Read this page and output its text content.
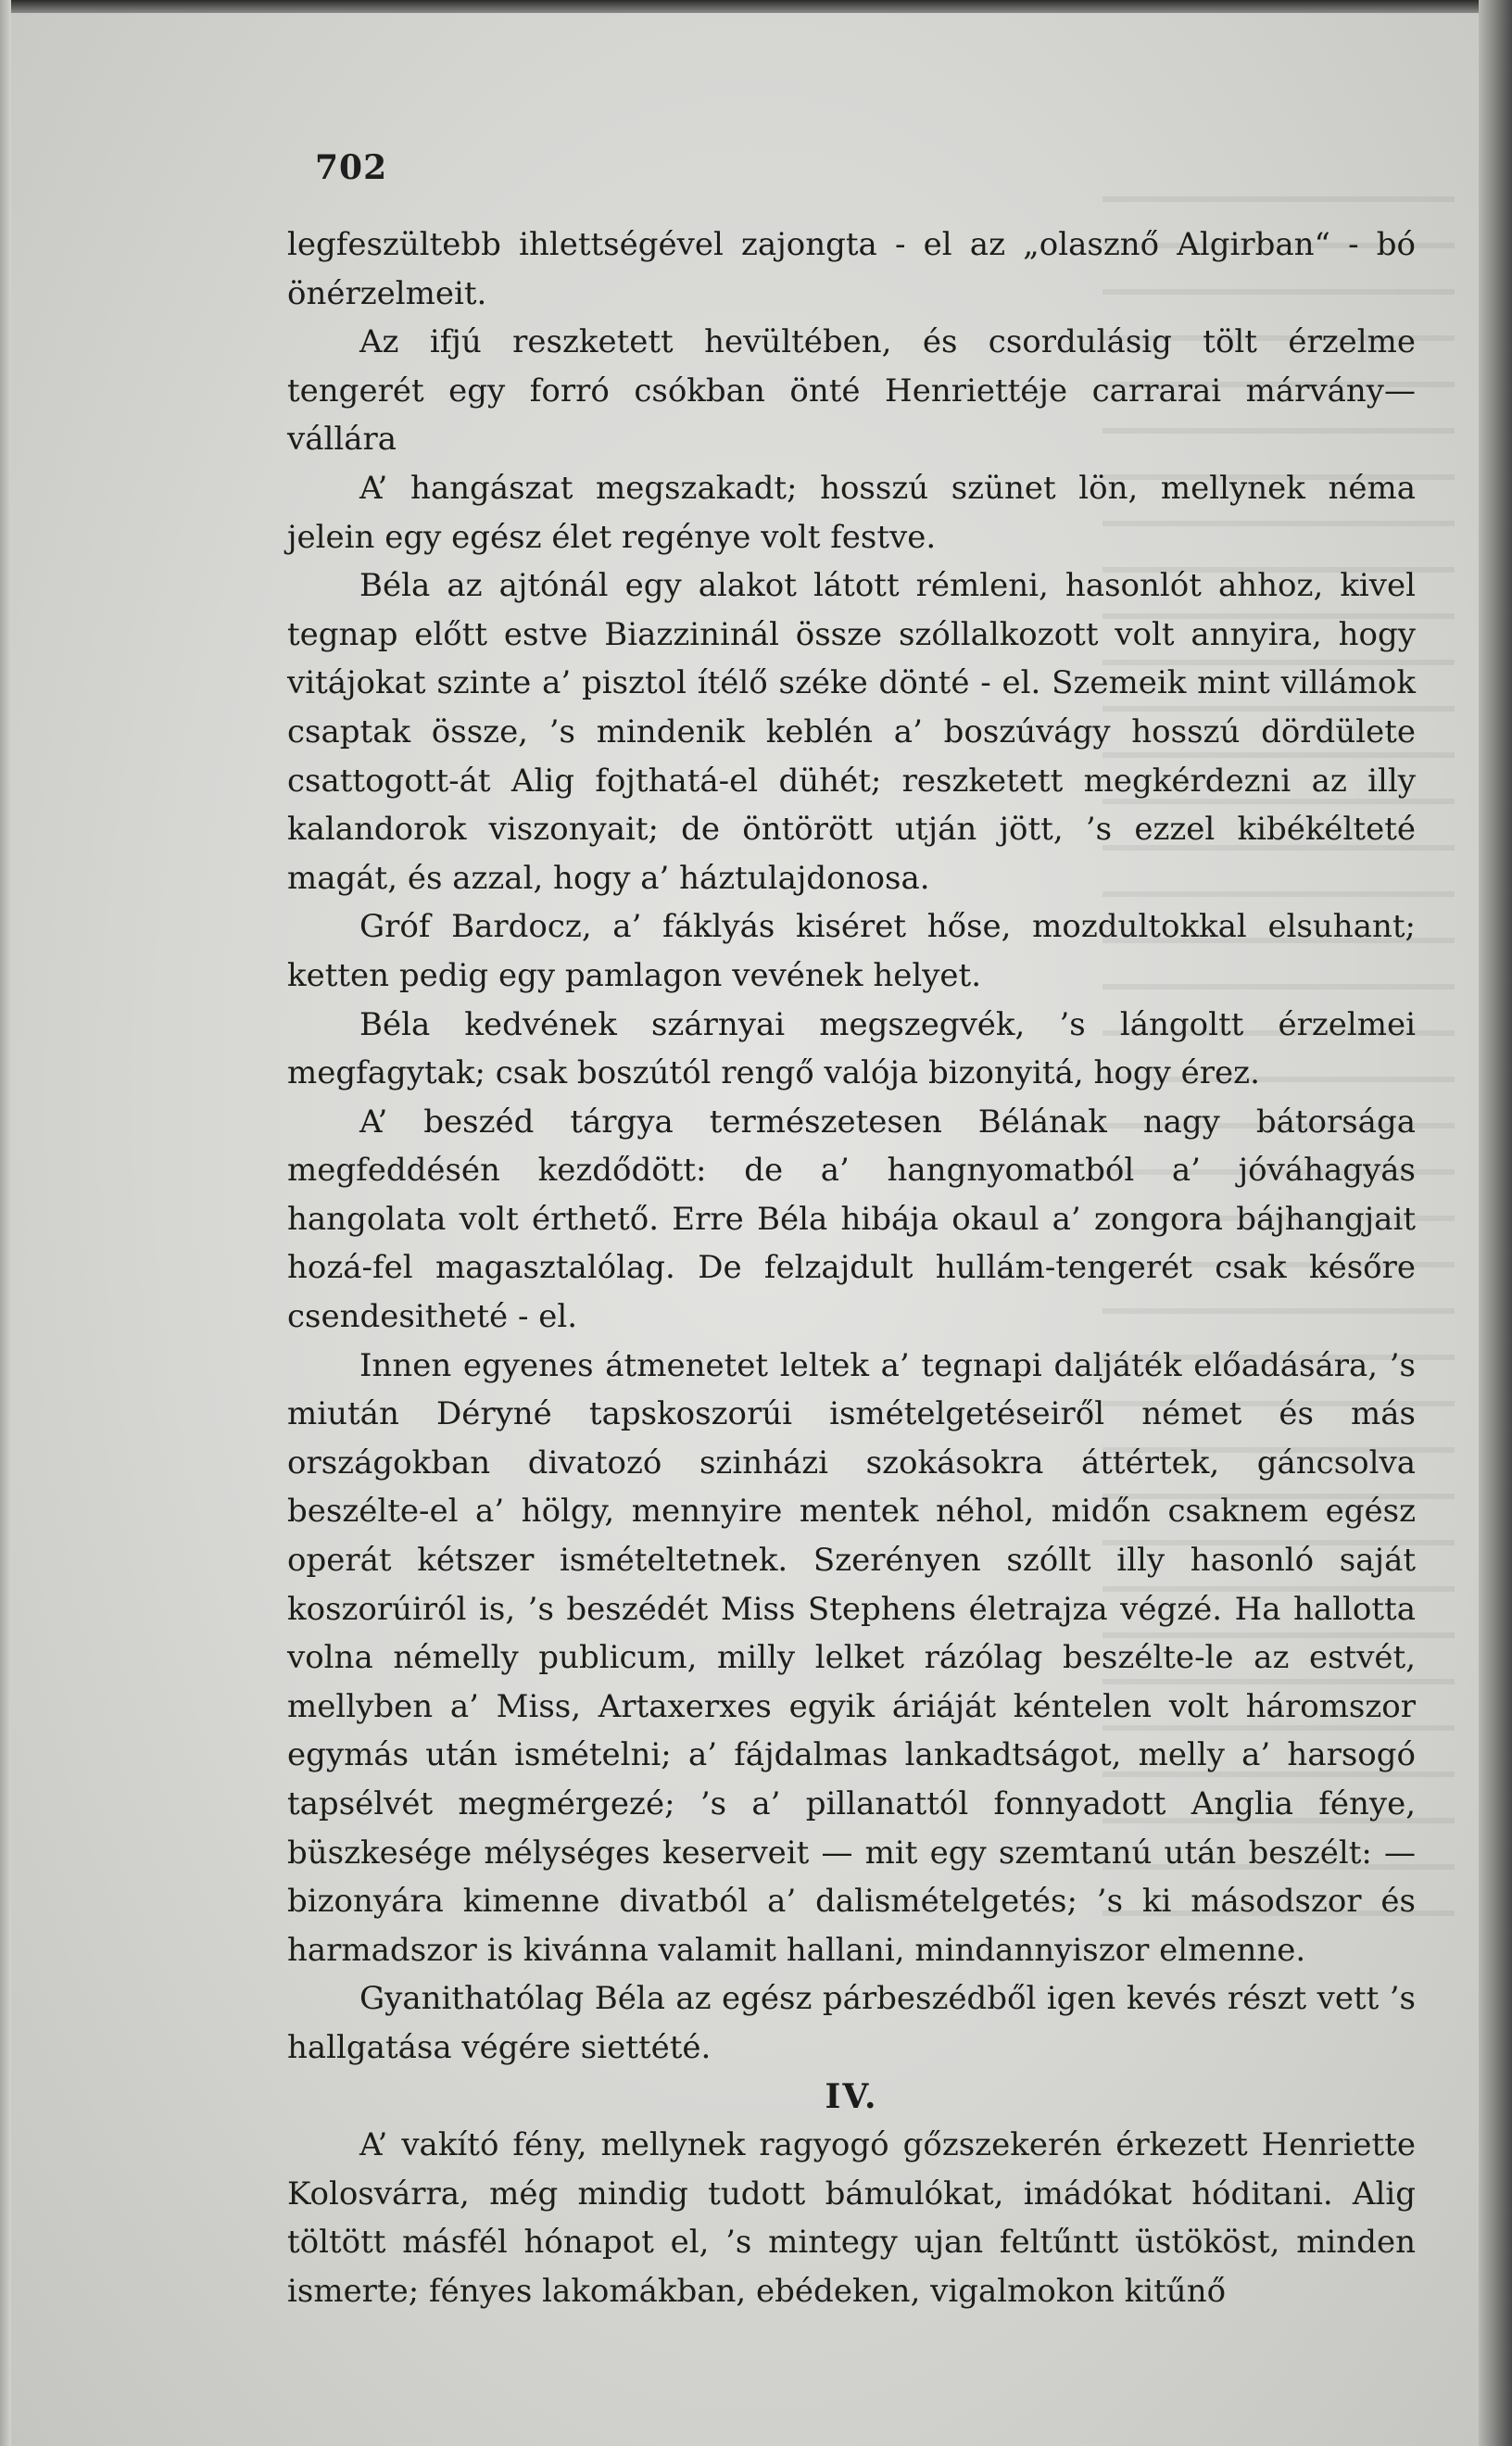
702

legfeszültebb ihlettségével zajongta - el az „olasznő Algirban“ - bó önérzelmeit.

Az ifjú reszketett hevültében, és csordulásig tölt érzelme tengerét egy forró csókban önté Henriettéje carrarai márvány—vállára

A’ hangászat megszakadt; hosszú szünet lön, mellynek néma jelein egy egész élet regénye volt festve.

Béla az ajtónál egy alakot látott rémleni, hasonlót ahhoz, kivel tegnap előtt estve Biazzininál össze szóllalkozott volt annyira, hogy vitájokat szinte a’ pisztol ítélő széke dönté - el. Szemeik mint villámok csaptak össze, ’s mindenik keblén a’ boszúvágy hosszú dördülete csattogott-át Alig fojthatá-el dühét; reszketett megkérdezni az illy kalandorok viszonyait; de öntörött utján jött, ’s ezzel kibékélteté magát, és azzal, hogy a’ háztulajdonosa.

Gróf Bardocz, a’ fáklyás kiséret hőse, mozdultokkal elsuhant; ketten pedig egy pamlagon vevének helyet.

Béla kedvének szárnyai megszegvék, ’s lángoltt érzelmei megfagytak; csak boszútól rengő valója bizonyitá, hogy érez.

A’ beszéd tárgya természetesen Bélának nagy bátorsága megfeddésén kezdődött: de a’ hangnyomatból a’ jóváhagyás hangolata volt érthető. Erre Béla hibája okaul a’ zongora bájhangjait hozá-fel magasztalólag. De felzajdult hullám-tengerét csak későre csendesitheté - el.

Innen egyenes átmenetet leltek a’ tegnapi daljáték előadására, ’s miután Déryné tapskoszorúi ismételgetéseiről német és más országokban divatozó szinházi szokásokra áttértek, gáncsolva beszélte-el a’ hölgy, mennyire mentek néhol, midőn csaknem egész operát kétszer ismételtetnek. Szerényen szóllt illy hasonló saját koszorúiról is, ’s beszédét Miss Stephens életrajza végzé. Ha hallotta volna némelly publicum, milly lelket rázólag beszélte-le az estvét, mellyben a’ Miss, Artaxerxes egyik áriáját kéntelen volt háromszor egymás után ismételni; a’ fájdalmas lankadtságot, melly a’ harsogó tapsélvét megmérgezé; ’s a’ pillanattól fonnyadott Anglia fénye, büszkesége mélységes keserveit — mit egy szemtanú után beszélt: — bizonyára kimenne divatból a’ dalismételgetés; ’s ki másodszor és harmadszor is kivánna valamit hallani, mindannyiszor elmenne.

Gyanithatólag Béla az egész párbeszédből igen kevés részt vett ’s hallgatása végére siettété.

IV.

A’ vakító fény, mellynek ragyogó gőzszekerén érkezett Henriette Kolosvárra, még mindig tudott bámulókat, imádókat hóditani. Alig töltött másfél hónapot el, ’s mintegy ujan feltűntt üstököst, minden ismerte; fényes lakomákban, ebédeken, vigalmokon kitűnő
